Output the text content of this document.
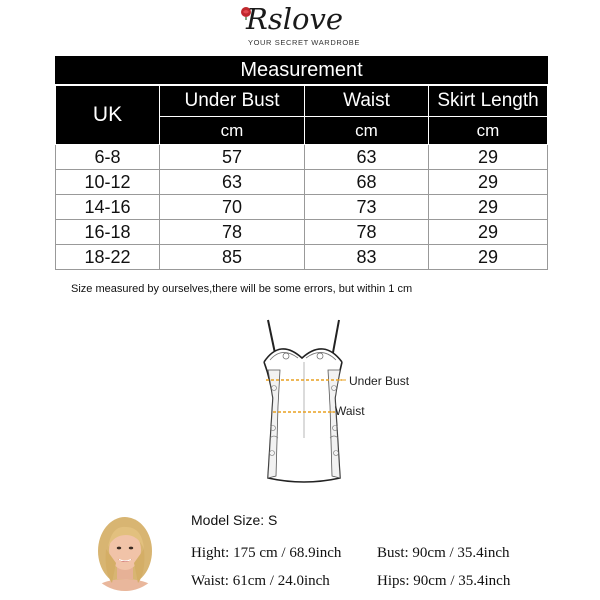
Rslove
YOUR SECRET WARDROBE
Measurement			
UK	Under Bust	Waist	Skirt Length
	cm	cm	cm
6-8	57	63	29
10-12	63	68	29
14-16	70	73	29
16-18	78	78	29
18-22	85	83	29
Size measured by ourselves,there will be some errors, but within 1 cm
Under Bust
Waist
Model Size: S
Hight: 175 cm / 68.9inch Bust: 90cm / 35.4inch
Waist: 61cm / 24.0inch	Hips: 90cm / 35.4inch
